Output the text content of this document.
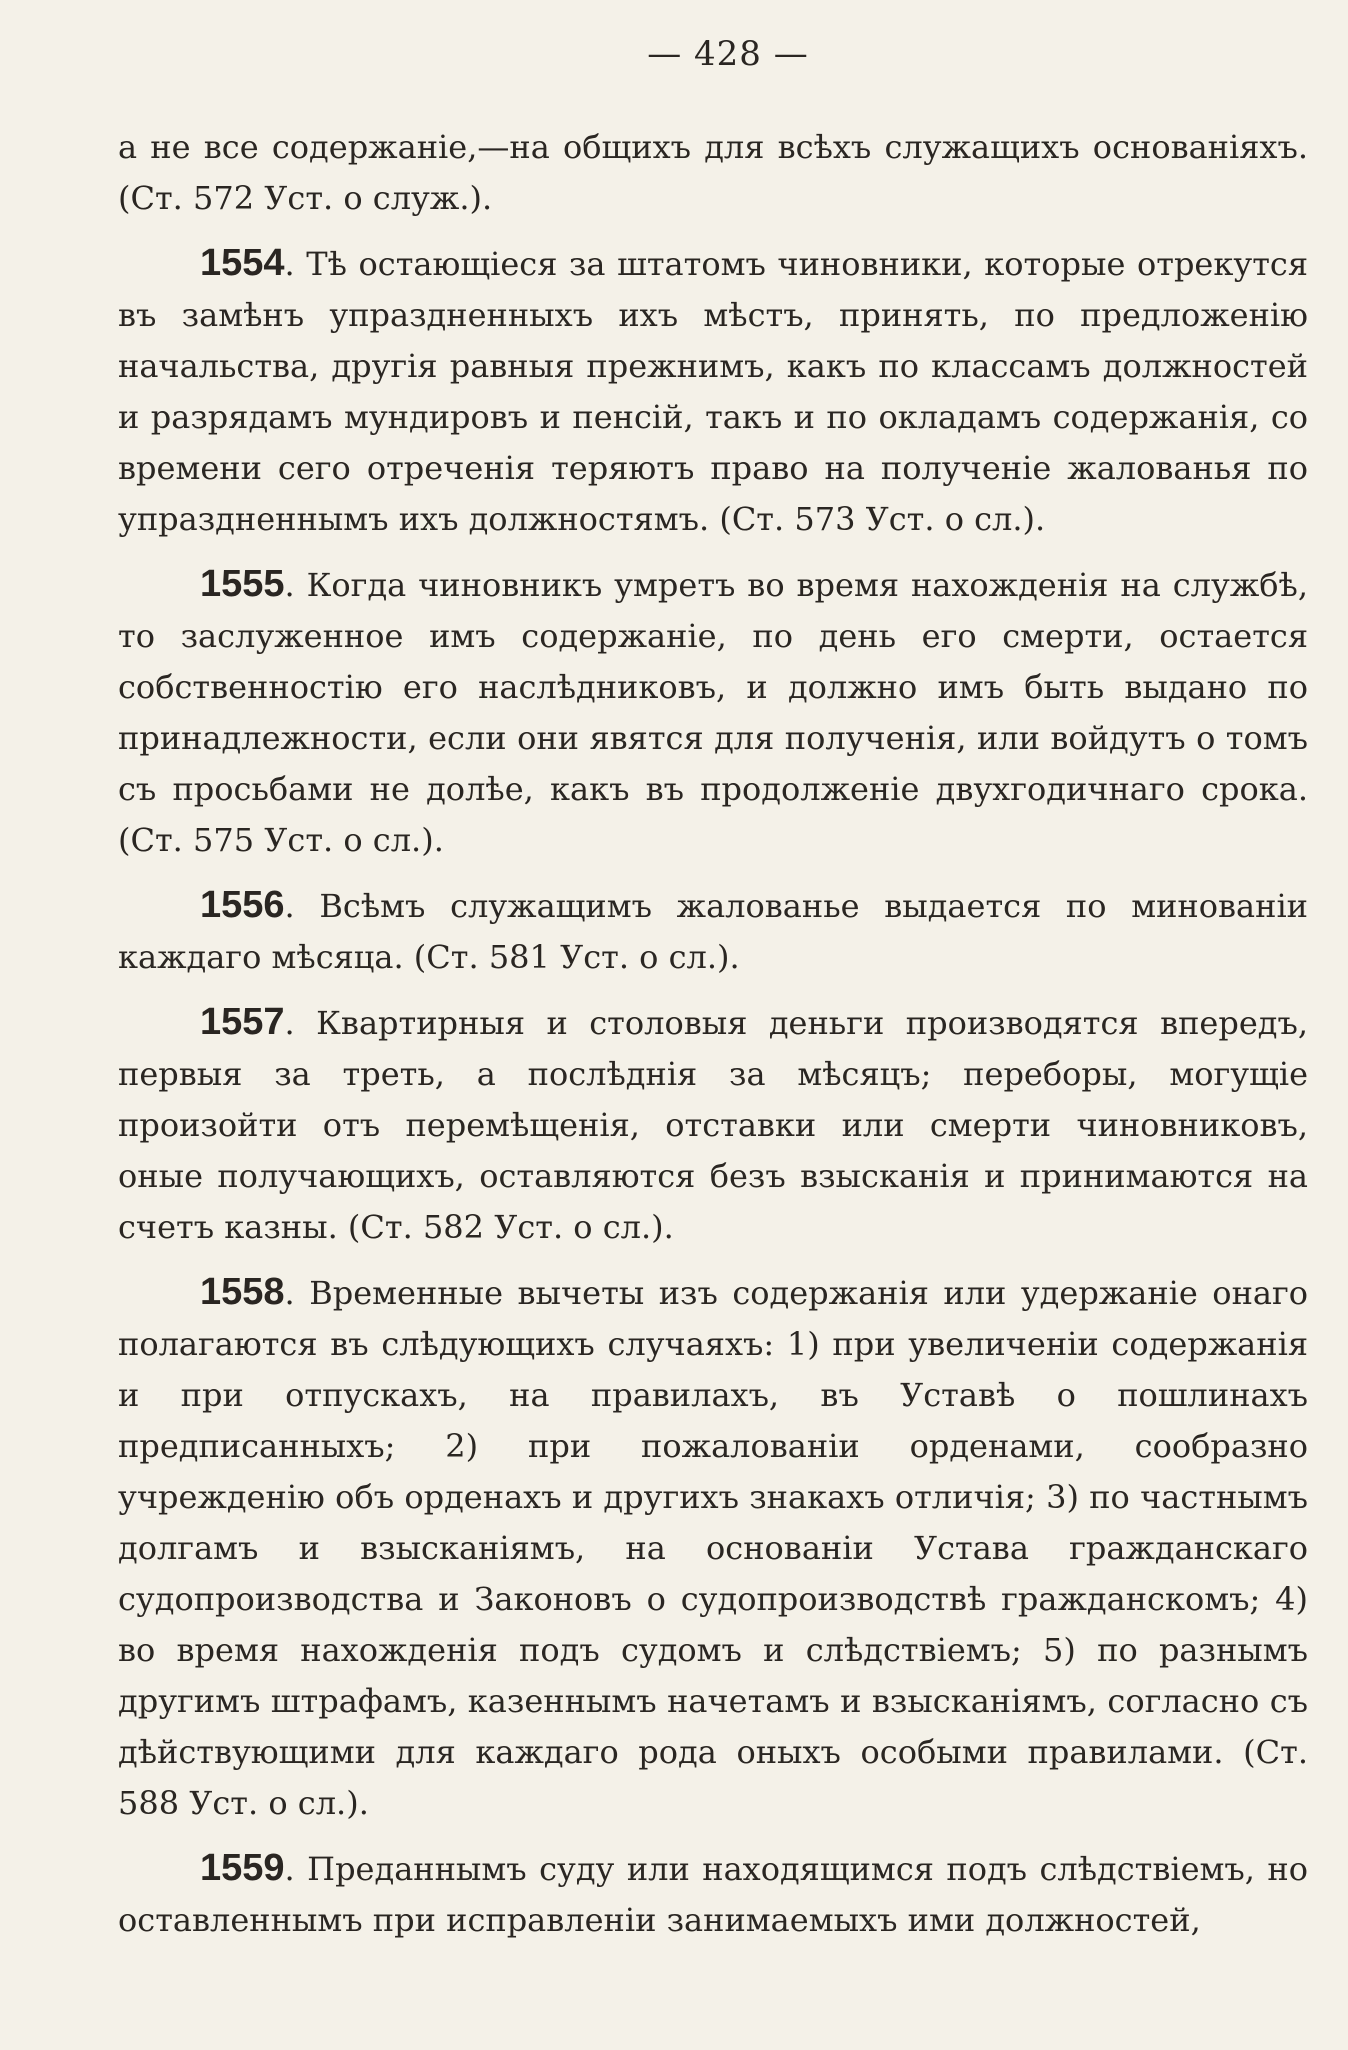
— 428 —

а не все содержаніе,—на общихъ для всѣхъ служащихъ основаніяхъ. (Ст. 572 Уст. о служ.).

1554. Тѣ остающіеся за штатомъ чиновники, которые отрекутся въ замѣнъ упраздненныхъ ихъ мѣстъ, принять, по предложенію начальства, другія равныя прежнимъ, какъ по классамъ должностей и разрядамъ мундировъ и пенсій, такъ и по окладамъ содержанія, со времени сего отреченія теряютъ право на полученіе жалованья по упраздненнымъ ихъ должностямъ. (Ст. 573 Уст. о сл.).

1555. Когда чиновникъ умретъ во время нахожденія на службѣ, то заслуженное имъ содержаніе, по день его смерти, остается собственностію его наслѣдниковъ, и должно имъ быть выдано по принадлежности, если они явятся для полученія, или войдутъ о томъ съ просьбами не долѣе, какъ въ продолженіе двухгодичнаго срока. (Ст. 575 Уст. о сл.).

1556. Всѣмъ служащимъ жалованье выдается по миновaніи каждаго мѣсяца. (Ст. 581 Уст. о сл.).

1557. Квартирныя и столовыя деньги производятся впередъ, первыя за треть, а послѣднія за мѣсяцъ; переборы, могущіе произойти отъ перемѣщенія, отставки или смерти чиновниковъ, оные получающихъ, оставляются безъ взысканія и принимаются на счетъ казны. (Ст. 582 Уст. о сл.).

1558. Временные вычеты изъ содержанія или удержаніе онаго полагаются въ слѣдующихъ случаяхъ: 1) при увеличеніи содержанія и при отпускахъ, на правилахъ, въ Уставѣ о пошлинахъ предписанныхъ; 2) при пожалованіи орденами, сообразно учрежденію объ орденахъ и другихъ знакахъ отличія; 3) по частнымъ долгамъ и взысканіямъ, на основаніи Устава гражданскаго судопроизводства и Законовъ о судопроизводствѣ гражданскомъ; 4) во время нахожденія подъ судомъ и слѣдствіемъ; 5) по разнымъ другимъ штрафамъ, казеннымъ начетамъ и взысканіямъ, согласно съ дѣйствующими для каждаго рода оныхъ особыми правилами. (Ст. 588 Уст. о сл.).

1559. Преданнымъ суду или находящимся подъ слѣдствіемъ, но оставленнымъ при исправленіи занимаемыхъ ими должностей,
